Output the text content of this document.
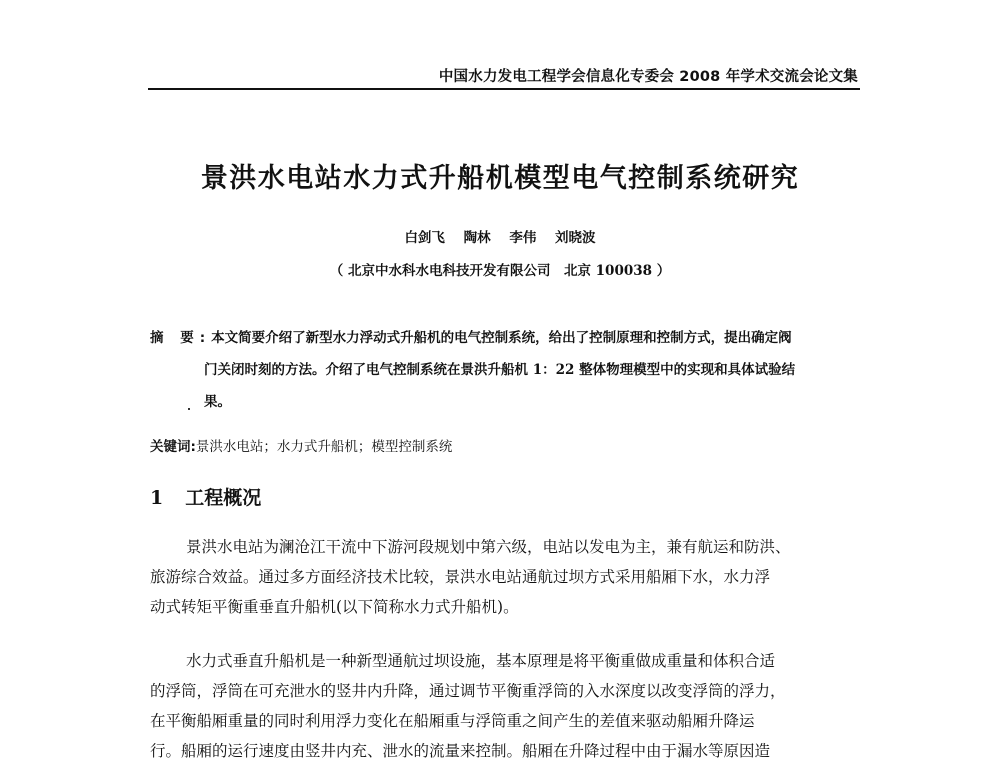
中国水力发电工程学会信息化专委会 2008 年学术交流会论文集
景洪水电站水力式升船机模型电气控制系统研究
白剑飞 陶林 李伟 刘晓波
（ 北京中水科水电科技开发有限公司　北京 100038 ）
摘 要:本文简要介绍了新型水力浮动式升船机的电气控制系统，给出了控制原理和控制方式，提出确定阀
门关闭时刻的方法。介绍了电气控制系统在景洪升船机 1：22 整体物理模型中的实现和具体试验结
果。
关键词:景洪水电站；水力式升船机；模型控制系统
1 工程概况
景洪水电站为澜沧江干流中下游河段规划中第六级，电站以发电为主，兼有航运和防洪、
旅游综合效益。通过多方面经济技术比较，景洪水电站通航过坝方式采用船厢下水，水力浮
动式转矩平衡重垂直升船机(以下简称水力式升船机)。
水力式垂直升船机是一种新型通航过坝设施，基本原理是将平衡重做成重量和体积合适
的浮筒，浮筒在可充泄水的竖井内升降，通过调节平衡重浮筒的入水深度以改变浮筒的浮力，
在平衡船厢重量的同时利用浮力变化在船厢重与浮筒重之间产生的差值来驱动船厢升降运
行。船厢的运行速度由竖井内充、泄水的流量来控制。船厢在升降过程中由于漏水等原因造
